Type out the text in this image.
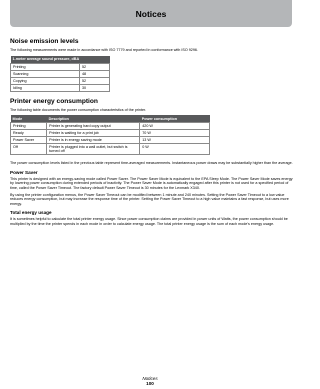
Notices
Noise emission levels

The following measurements were made in accordance with ISO 7779 and reported in conformance with ISO 9296.

1-meter average sound pressure, dBA	
Printing	52
Scanning	48
Copying	52
Idling	30
Printer energy consumption

The following table documents the power consumption characteristics of the printer.

Mode	Description	Power consumption
Printing	Printer is generating hard copy output	420 W
Ready	Printer is waiting for a print job	70 W
Power Saver	Printer is in energy saving mode	13 W
Off	Printer is plugged into a wall outlet, but switch is turned off	0 W

The power consumption levels listed in the previous table represent time-averaged measurements. Instantaneous power draws may be substantially higher than the average.

Power Saver

This printer is designed with an energy-saving mode called Power Saver. The Power Saver Mode is equivalent to the EPA Sleep Mode. The Power Saver Mode saves energy by lowering power consumption during extended periods of inactivity. The Power Saver Mode is automatically engaged after this printer is not used for a specified period of time, called the Power Saver Timeout. The factory default Power Saver Timeout is 30 minutes for the Lexmark X340.

By using the printer configuration menus, the Power Saver Timeout can be modified between 1 minute and 240 minutes. Setting the Power Saver Timeout to a low value reduces energy consumption, but may increase the response time of the printer. Setting the Power Saver Timeout to a high value maintains a fast response, but uses more energy.

Total energy usage

It is sometimes helpful to calculate the total printer energy usage. Since power consumption claims are provided in power units of Watts, the power consumption should be multiplied by the time the printer spends in each mode in order to calculate energy usage. The total printer energy usage is the sum of each mode's energy usage.

Notices
100
